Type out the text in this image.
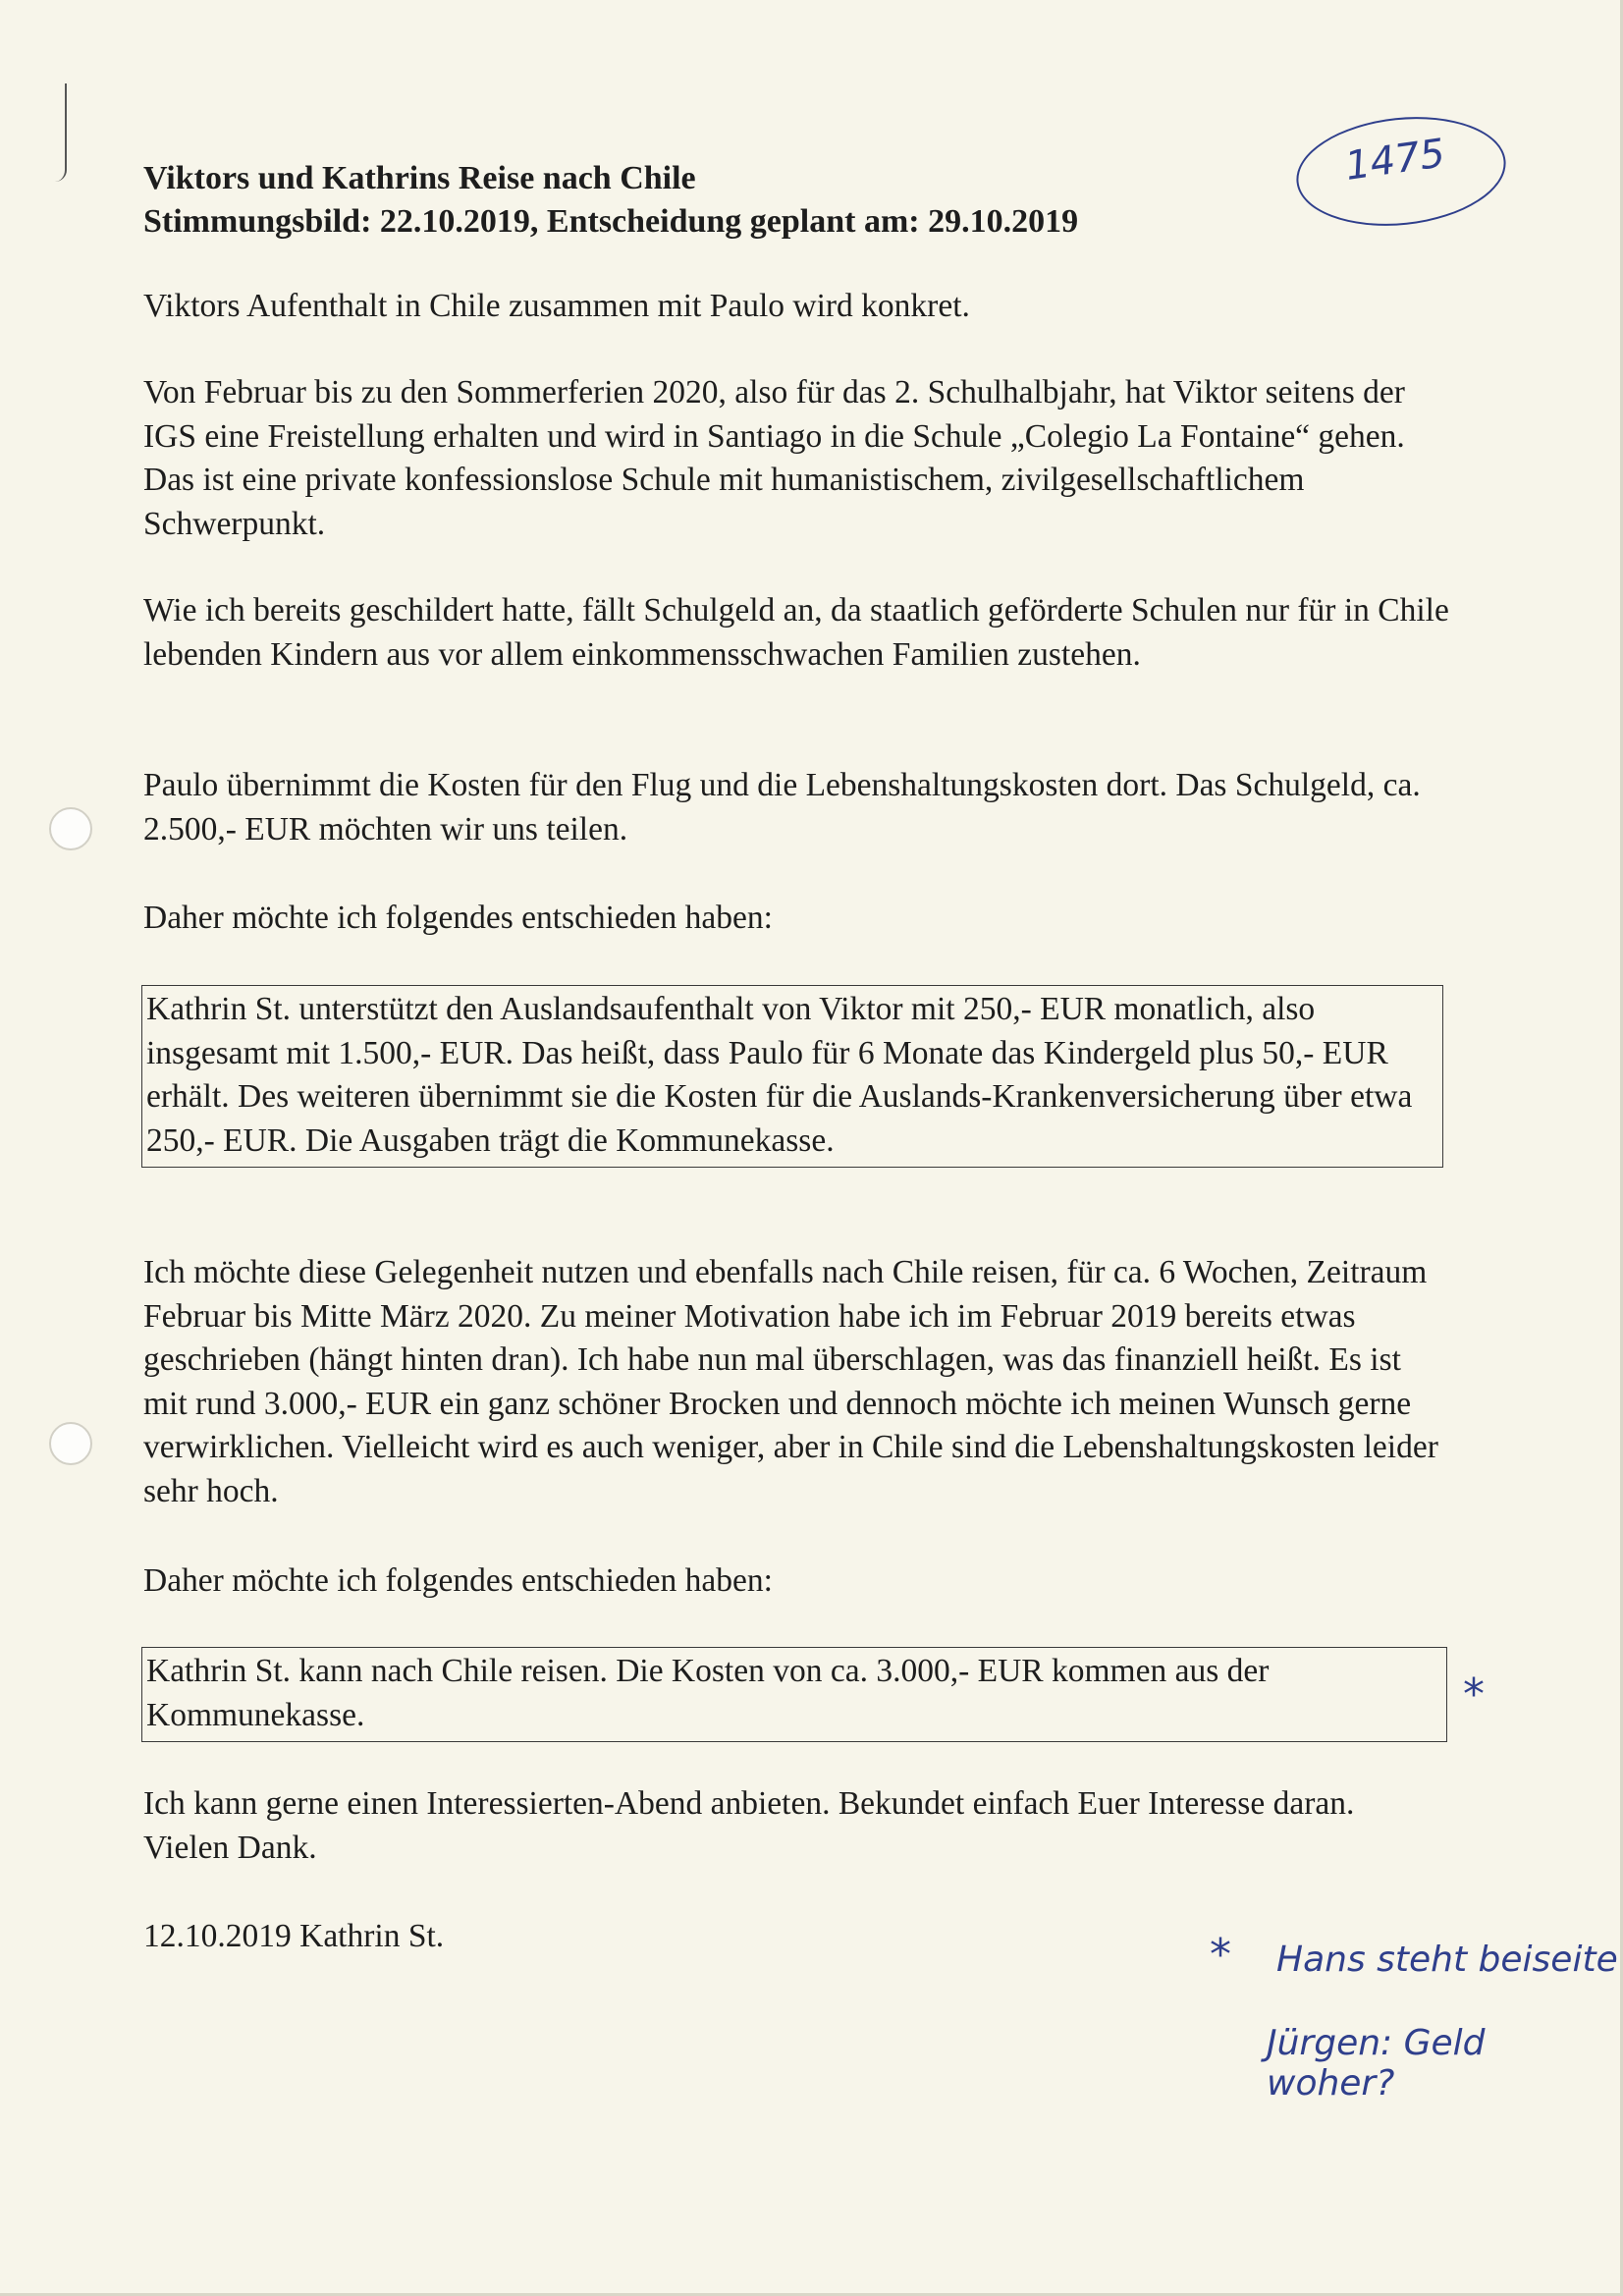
1475
Viktors und Kathrins Reise nach Chile
Stimmungsbild: 22.10.2019, Entscheidung geplant am: 29.10.2019
Viktors Aufenthalt in Chile zusammen mit Paulo wird konkret.
Von Februar bis zu den Sommerferien 2020, also für das 2. Schulhalbjahr, hat Viktor seitens der IGS eine Freistellung erhalten und wird in Santiago in die Schule „Colegio La Fontaine“ gehen. Das ist eine private konfessionslose Schule mit humanistischem, zivilgesellschaftlichem Schwerpunkt.
Wie ich bereits geschildert hatte, fällt Schulgeld an, da staatlich geförderte Schulen nur für in Chile lebenden Kindern aus vor allem einkommensschwachen Familien zustehen.
Paulo übernimmt die Kosten für den Flug und die Lebenshaltungskosten dort. Das Schulgeld, ca. 2.500,- EUR möchten wir uns teilen.
Daher möchte ich folgendes entschieden haben:
Kathrin St. unterstützt den Auslandsaufenthalt von Viktor mit 250,- EUR monatlich, also insgesamt mit 1.500,- EUR. Das heißt, dass Paulo für 6 Monate das Kindergeld plus 50,- EUR erhält. Des weiteren übernimmt sie die Kosten für die Auslands-Krankenversicherung über etwa 250,- EUR. Die Ausgaben trägt die Kommunekasse.
Ich möchte diese Gelegenheit nutzen und ebenfalls nach Chile reisen, für ca. 6 Wochen, Zeitraum Februar bis Mitte März 2020. Zu meiner Motivation habe ich im Februar 2019 bereits etwas geschrieben (hängt hinten dran). Ich habe nun mal überschlagen, was das finanziell heißt. Es ist mit rund 3.000,- EUR ein ganz schöner Brocken und dennoch möchte ich meinen Wunsch gerne verwirklichen. Vielleicht wird es auch weniger, aber in Chile sind die Lebenshaltungskosten leider sehr hoch.
Daher möchte ich folgendes entschieden haben:
Kathrin St. kann nach Chile reisen. Die Kosten von ca. 3.000,- EUR kommen aus der Kommunekasse.	*
Ich kann gerne einen Interessierten-Abend anbieten. Bekundet einfach Euer Interesse daran. Vielen Dank.
12.10.2019 Kathrin St.	* Hans steht beiseite
Jürgen: Geld woher?
